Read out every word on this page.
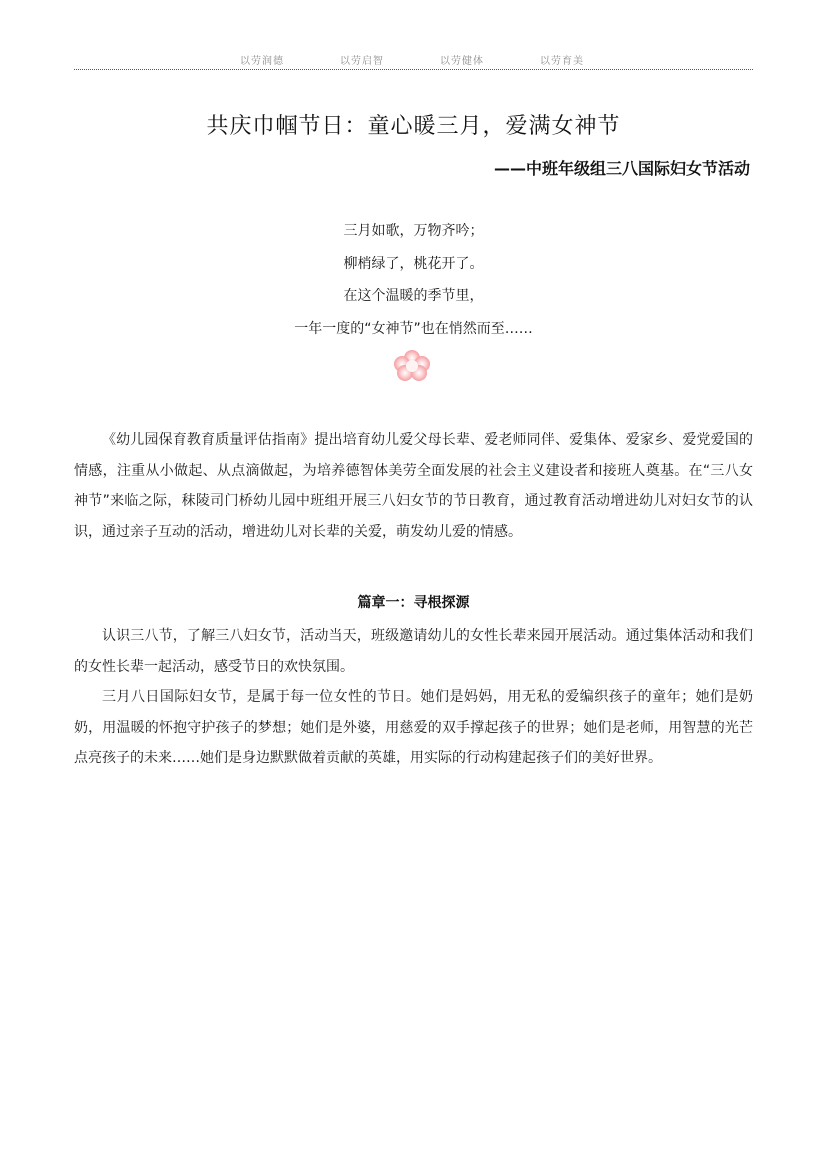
以劳润德	以劳启智	以劳健体	以劳育美
共庆巾帼节日：童心暖三月，爱满女神节
——中班年级组三八国际妇女节活动
三月如歌，万物齐吟；
柳梢绿了，桃花开了。
在这个温暖的季节里，
一年一度的“女神节”也在悄然而至……

《幼儿园保育教育质量评估指南》提出培育幼儿爱父母长辈、爱老师同伴、爱集体、爱家乡、爱党爱国的情感，注重从小做起、从点滴做起，为培养德智体美劳全面发展的社会主义建设者和接班人奠基。在“三八女神节”来临之际，秣陵司门桥幼儿园中班组开展三八妇女节的节日教育，通过教育活动增进幼儿对妇女节的认识，通过亲子互动的活动，增进幼儿对长辈的关爱，萌发幼儿爱的情感。

篇章一：寻根探源

认识三八节，了解三八妇女节，活动当天，班级邀请幼儿的女性长辈来园开展活动。通过集体活动和我们的女性长辈一起活动，感受节日的欢快氛围。

三月八日国际妇女节，是属于每一位女性的节日。她们是妈妈，用无私的爱编织孩子的童年；她们是奶奶，用温暖的怀抱守护孩子的梦想；她们是外婆，用慈爱的双手撑起孩子的世界；她们是老师，用智慧的光芒点亮孩子的未来……她们是身边默默做着贡献的英雄，用实际的行动构建起孩子们的美好世界。
